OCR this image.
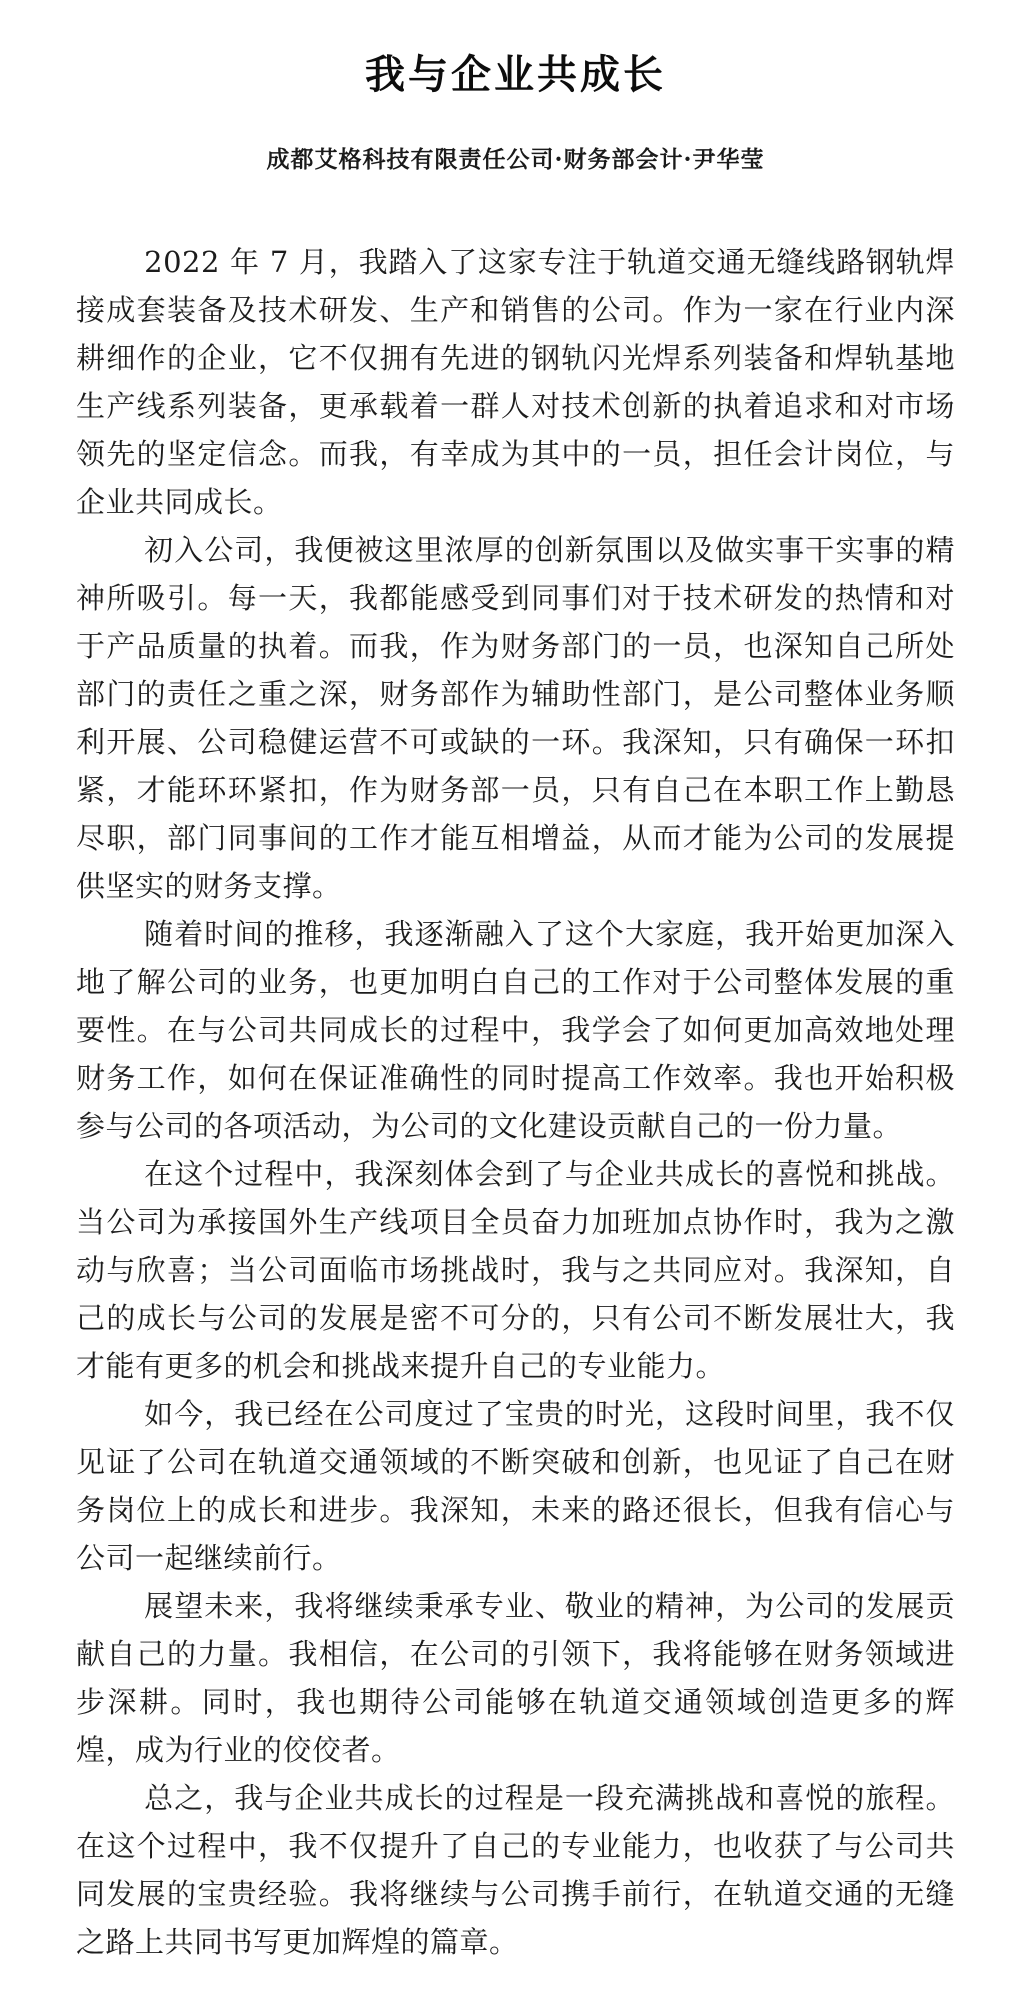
我与企业共成长

成都艾格科技有限责任公司·财务部会计·尹华莹

2022 年 7 月，我踏入了这家专注于轨道交通无缝线路钢轨焊接成套装备及技术研发、生产和销售的公司。作为一家在行业内深耕细作的企业，它不仅拥有先进的钢轨闪光焊系列装备和焊轨基地生产线系列装备，更承载着一群人对技术创新的执着追求和对市场领先的坚定信念。而我，有幸成为其中的一员，担任会计岗位，与企业共同成长。

初入公司，我便被这里浓厚的创新氛围以及做实事干实事的精神所吸引。每一天，我都能感受到同事们对于技术研发的热情和对于产品质量的执着。而我，作为财务部门的一员，也深知自己所处部门的责任之重之深，财务部作为辅助性部门，是公司整体业务顺利开展、公司稳健运营不可或缺的一环。我深知，只有确保一环扣紧，才能环环紧扣，作为财务部一员，只有自己在本职工作上勤恳尽职，部门同事间的工作才能互相增益，从而才能为公司的发展提供坚实的财务支撑。

随着时间的推移，我逐渐融入了这个大家庭，我开始更加深入地了解公司的业务，也更加明白自己的工作对于公司整体发展的重要性。在与公司共同成长的过程中，我学会了如何更加高效地处理财务工作，如何在保证准确性的同时提高工作效率。我也开始积极参与公司的各项活动，为公司的文化建设贡献自己的一份力量。

在这个过程中，我深刻体会到了与企业共成长的喜悦和挑战。当公司为承接国外生产线项目全员奋力加班加点协作时，我为之激动与欣喜；当公司面临市场挑战时，我与之共同应对。我深知，自己的成长与公司的发展是密不可分的，只有公司不断发展壮大，我才能有更多的机会和挑战来提升自己的专业能力。

如今，我已经在公司度过了宝贵的时光，这段时间里，我不仅见证了公司在轨道交通领域的不断突破和创新，也见证了自己在财务岗位上的成长和进步。我深知，未来的路还很长，但我有信心与公司一起继续前行。

展望未来，我将继续秉承专业、敬业的精神，为公司的发展贡献自己的力量。我相信，在公司的引领下，我将能够在财务领域进步深耕。同时，我也期待公司能够在轨道交通领域创造更多的辉煌，成为行业的佼佼者。

总之，我与企业共成长的过程是一段充满挑战和喜悦的旅程。在这个过程中，我不仅提升了自己的专业能力，也收获了与公司共同发展的宝贵经验。我将继续与公司携手前行，在轨道交通的无缝之路上共同书写更加辉煌的篇章。
